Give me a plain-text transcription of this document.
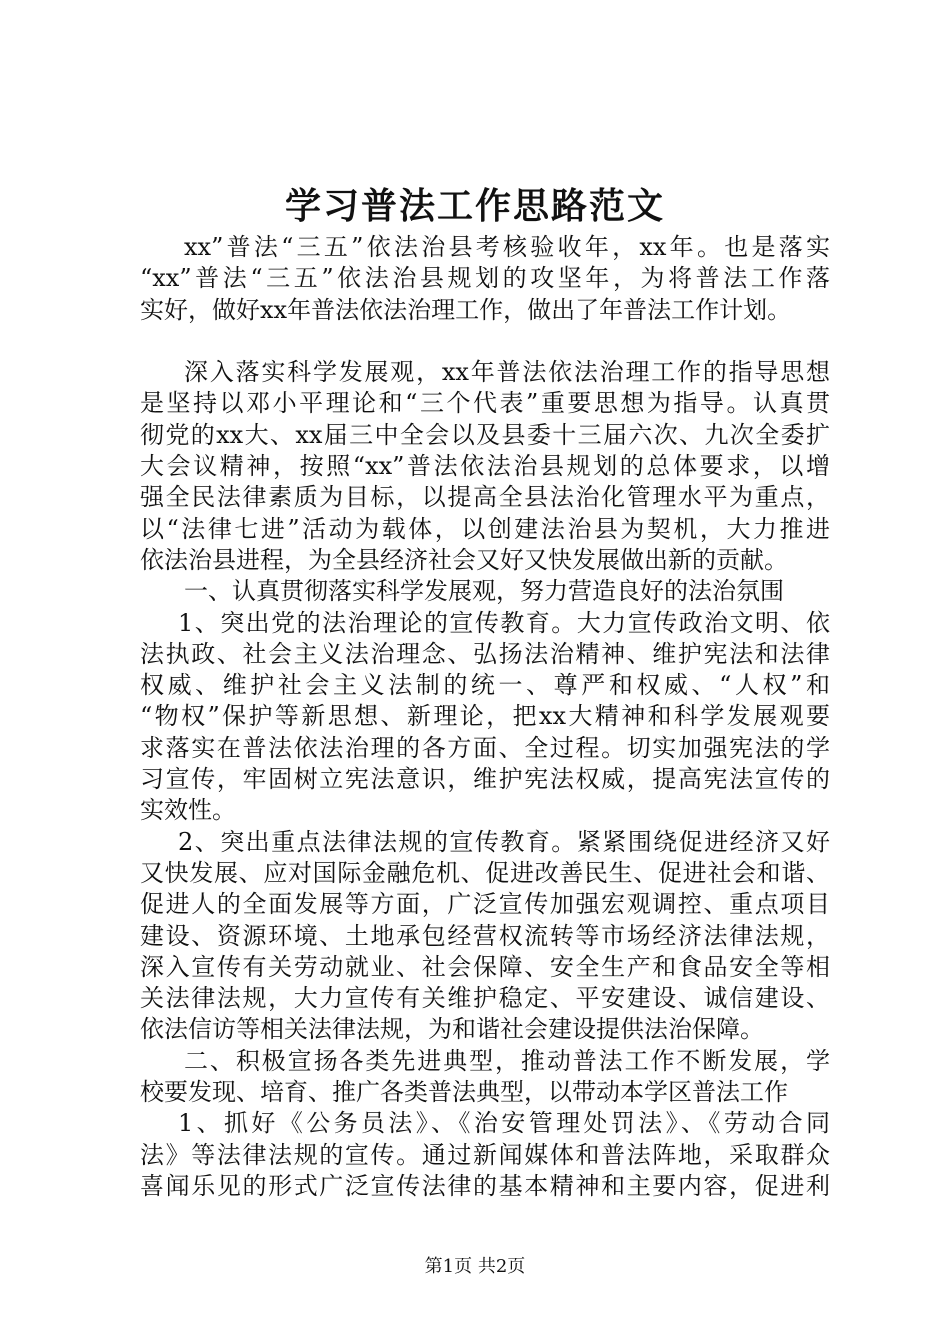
学习普法工作思路范文
xx”普法“三五”依法治县考核验收年，xx年。也是落实
“xx”普法“三五”依法治县规划的攻坚年，为将普法工作落
实好，做好xx年普法依法治理工作，做出了年普法工作计划。
深入落实科学发展观，xx年普法依法治理工作的指导思想
是坚持以邓小平理论和“三个代表”重要思想为指导。认真贯
彻党的xx大、xx届三中全会以及县委十三届六次、九次全委扩
大会议精神，按照“xx”普法依法治县规划的总体要求，以增
强全民法律素质为目标，以提高全县法治化管理水平为重点，
以“法律七进”活动为载体，以创建法治县为契机，大力推进
依法治县进程，为全县经济社会又好又快发展做出新的贡献。
一、认真贯彻落实科学发展观，努力营造良好的法治氛围
1、突出党的法治理论的宣传教育。大力宣传政治文明、依
法执政、社会主义法治理念、弘扬法治精神、维护宪法和法律
权威、维护社会主义法制的统一、尊严和权威、“人权”和
“物权”保护等新思想、新理论，把xx大精神和科学发展观要
求落实在普法依法治理的各方面、全过程。切实加强宪法的学
习宣传，牢固树立宪法意识，维护宪法权威，提高宪法宣传的
实效性。
2、突出重点法律法规的宣传教育。紧紧围绕促进经济又好
又快发展、应对国际金融危机、促进改善民生、促进社会和谐、
促进人的全面发展等方面，广泛宣传加强宏观调控、重点项目
建设、资源环境、土地承包经营权流转等市场经济法律法规，
深入宣传有关劳动就业、社会保障、安全生产和食品安全等相
关法律法规，大力宣传有关维护稳定、平安建设、诚信建设、
依法信访等相关法律法规，为和谐社会建设提供法治保障。
二、积极宣扬各类先进典型，推动普法工作不断发展，学
校要发现、培育、推广各类普法典型，以带动本学区普法工作
1、抓好《公务员法》、《治安管理处罚法》、《劳动合同
法》等法律法规的宣传。通过新闻媒体和普法阵地，采取群众
喜闻乐见的形式广泛宣传法律的基本精神和主要内容，促进利
第1页 共2页
